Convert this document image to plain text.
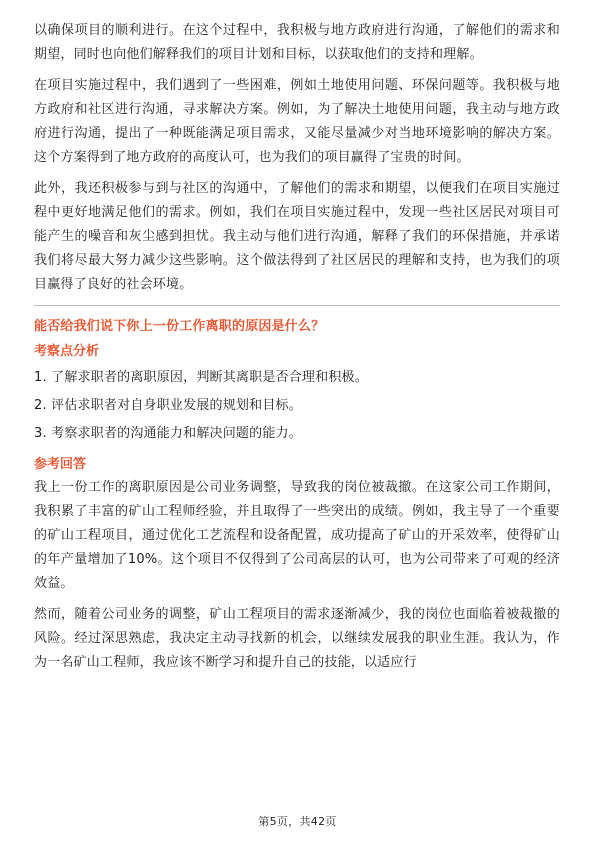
以确保项目的顺利进行。在这个过程中，我积极与地方政府进行沟通，了解他们的需求和期望，同时也向他们解释我们的项目计划和目标，以获取他们的支持和理解。

在项目实施过程中，我们遇到了一些困难，例如土地使用问题、环保问题等。我积极与地方政府和社区进行沟通，寻求解决方案。例如，为了解决土地使用问题，我主动与地方政府进行沟通，提出了一种既能满足项目需求，又能尽量减少对当地环境影响的解决方案。这个方案得到了地方政府的高度认可，也为我们的项目赢得了宝贵的时间。

此外，我还积极参与到与社区的沟通中，了解他们的需求和期望，以便我们在项目实施过程中更好地满足他们的需求。例如，我们在项目实施过程中，发现一些社区居民对项目可能产生的噪音和灰尘感到担忧。我主动与他们进行沟通，解释了我们的环保措施，并承诺我们将尽最大努力减少这些影响。这个做法得到了社区居民的理解和支持，也为我们的项目赢得了良好的社会环境。

能否给我们说下你上一份工作离职的原因是什么？
考察点分析
1. 了解求职者的离职原因，判断其离职是否合理和积极。
2. 评估求职者对自身职业发展的规划和目标。
3. 考察求职者的沟通能力和解决问题的能力。
参考回答

我上一份工作的离职原因是公司业务调整，导致我的岗位被裁撤。在这家公司工作期间，我积累了丰富的矿山工程师经验，并且取得了一些突出的成绩。例如，我主导了一个重要的矿山工程项目，通过优化工艺流程和设备配置，成功提高了矿山的开采效率，使得矿山的年产量增加了10%。这个项目不仅得到了公司高层的认可，也为公司带来了可观的经济效益。

然而，随着公司业务的调整，矿山工程项目的需求逐渐减少，我的岗位也面临着被裁撤的风险。经过深思熟虑，我决定主动寻找新的机会，以继续发展我的职业生涯。我认为，作为一名矿山工程师，我应该不断学习和提升自己的技能，以适应行

第5页，共42页
